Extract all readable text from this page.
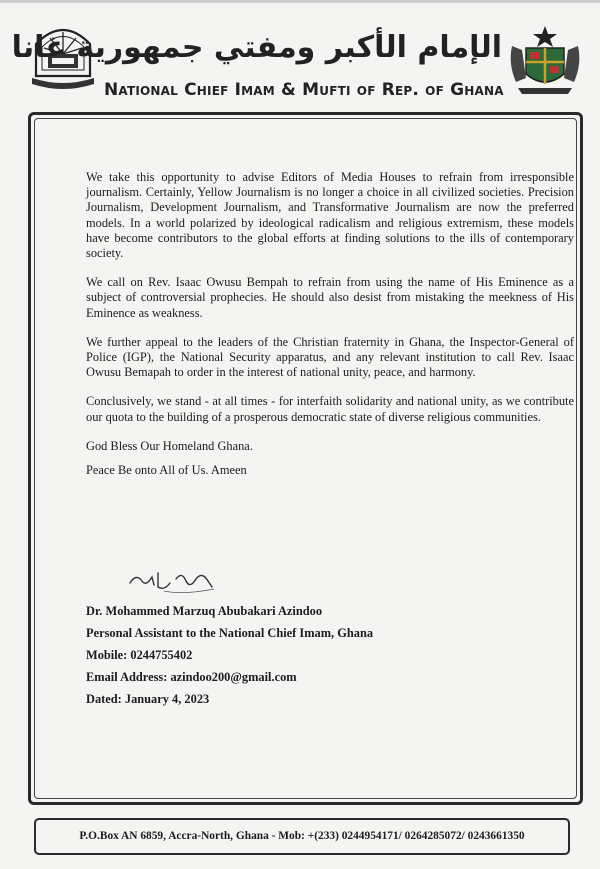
الإمام الأكبر ومفتي جمهورية غانا
National Chief Imam & Mufti of Rep. of Ghana

We take this opportunity to advise Editors of Media Houses to refrain from irresponsible journalism. Certainly, Yellow Journalism is no longer a choice in all civilized societies. Precision Journalism, Development Journalism, and Transformative Journalism are now the preferred models. In a world polarized by ideological radicalism and religious extremism, these models have become contributors to the global efforts at finding solutions to the ills of contemporary society.

We call on Rev. Isaac Owusu Bempah to refrain from using the name of His Eminence as a subject of controversial prophecies. He should also desist from mistaking the meekness of His Eminence as weakness.

We further appeal to the leaders of the Christian fraternity in Ghana, the Inspector-General of Police (IGP), the National Security apparatus, and any relevant institution to call Rev. Isaac Owusu Bemapah to order in the interest of national unity, peace, and harmony.

Conclusively, we stand - at all times - for interfaith solidarity and national unity, as we contribute our quota to the building of a prosperous democratic state of diverse religious communities.

God Bless Our Homeland Ghana.

Peace Be onto All of Us. Ameen

Dr. Mohammed Marzuq Abubakari Azindoo
Personal Assistant to the National Chief Imam, Ghana
Mobile: 0244755402
Email Address: azindoo200@gmail.com
Dated: January 4, 2023
P.O.Box AN 6859, Accra-North, Ghana - Mob: +(233) 0244954171/ 0264285072/ 0243661350
